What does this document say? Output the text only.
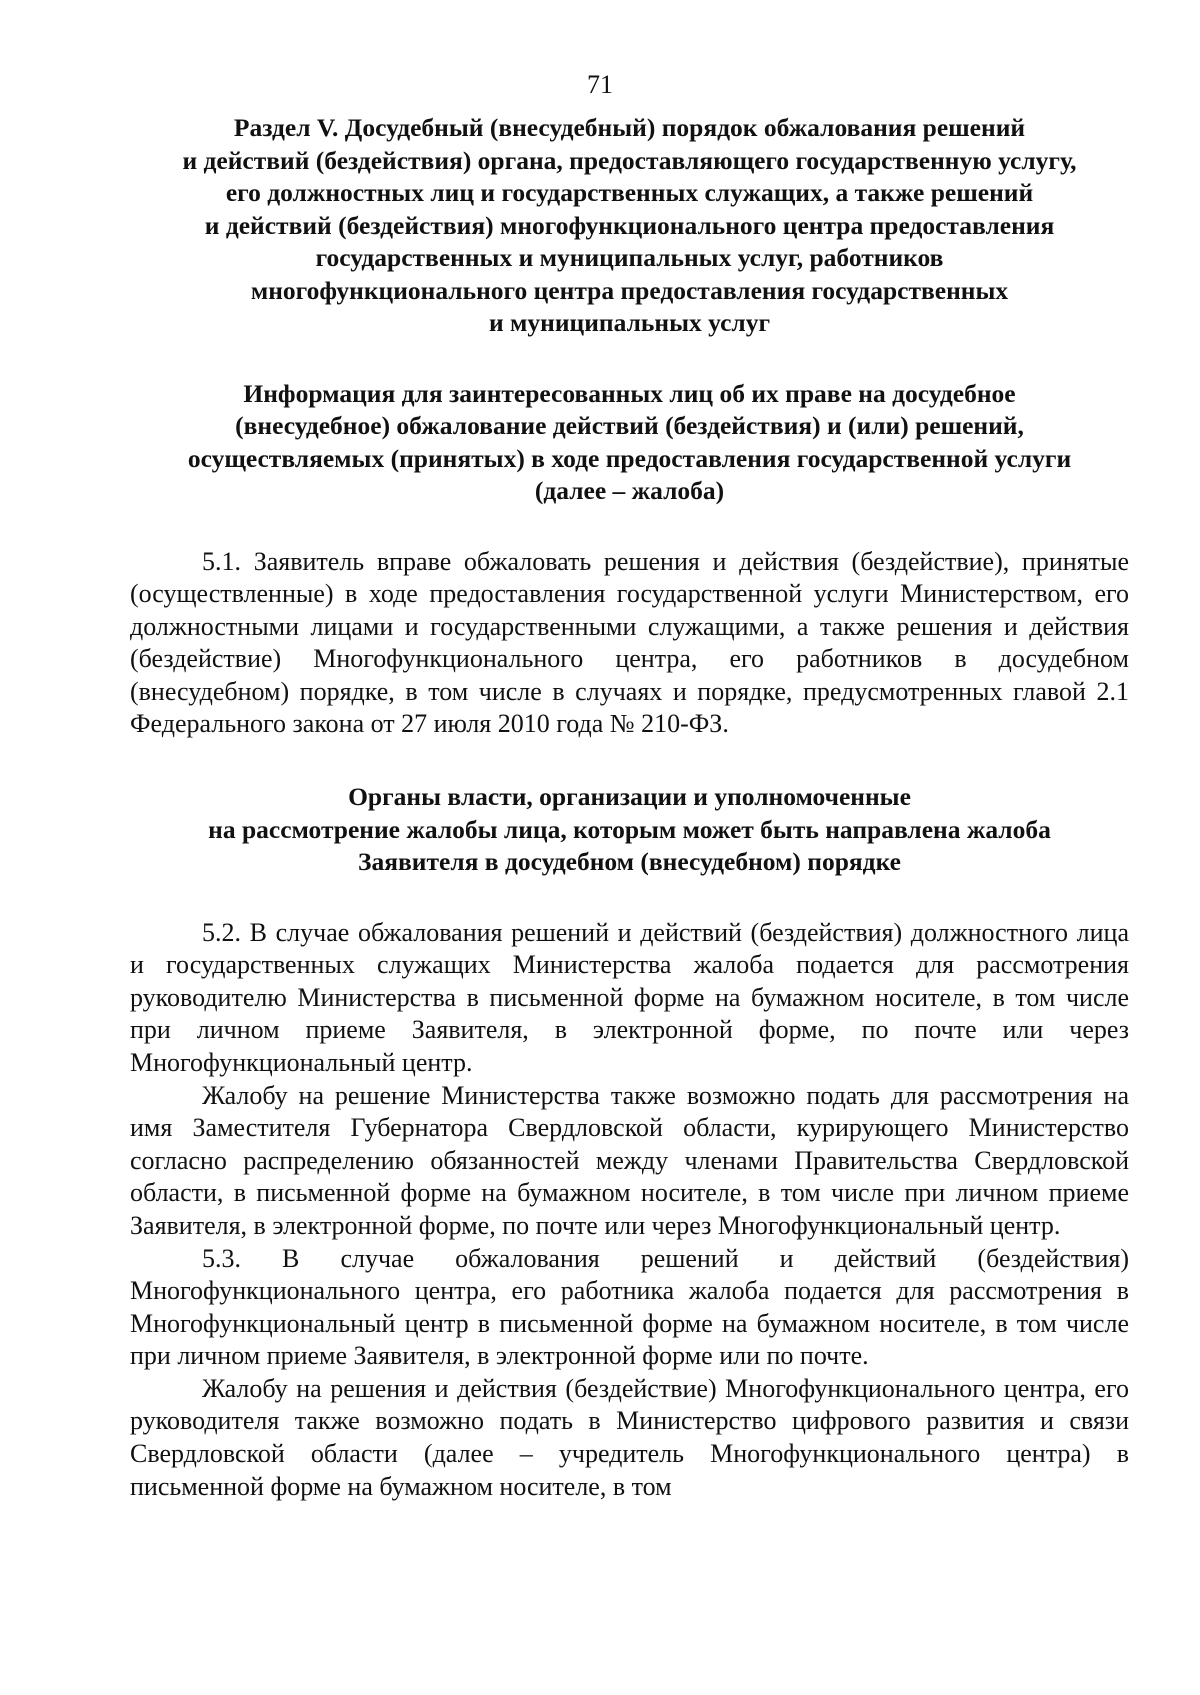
71
Раздел V. Досудебный (внесудебный) порядок обжалования решений
и действий (бездействия) органа, предоставляющего государственную услугу,
его должностных лиц и государственных служащих, а также решений
и действий (бездействия) многофункционального центра предоставления
государственных и муниципальных услуг, работников
многофункционального центра предоставления государственных
и муниципальных услуг
Информация для заинтересованных лиц об их праве на досудебное
(внесудебное) обжалование действий (бездействия) и (или) решений,
осуществляемых (принятых) в ходе предоставления государственной услуги
(далее – жалоба)

5.1. Заявитель вправе обжаловать решения и действия (бездействие), принятые (осуществленные) в ходе предоставления государственной услуги Министерством, его должностными лицами и государственными служащими, а также решения и действия (бездействие) Многофункционального центра, его работников в досудебном (внесудебном) порядке, в том числе в случаях и порядке, предусмотренных главой 2.1 Федерального закона от 27 июля 2010 года № 210-ФЗ.

Органы власти, организации и уполномоченные
на рассмотрение жалобы лица, которым может быть направлена жалоба
Заявителя в досудебном (внесудебном) порядке

5.2. В случае обжалования решений и действий (бездействия) должностного лица и государственных служащих Министерства жалоба подается для рассмотрения руководителю Министерства в письменной форме на бумажном носителе, в том числе при личном приеме Заявителя, в электронной форме, по почте или через Многофункциональный центр.

Жалобу на решение Министерства также возможно подать для рассмотрения на имя Заместителя Губернатора Свердловской области, курирующего Министерство согласно распределению обязанностей между членами Правительства Свердловской области, в письменной форме на бумажном носителе, в том числе при личном приеме Заявителя, в электронной форме, по почте или через Многофункциональный центр.

5.3. В случае обжалования решений и действий (бездействия) Многофункционального центра, его работника жалоба подается для рассмотрения в Многофункциональный центр в письменной форме на бумажном носителе, в том числе при личном приеме Заявителя, в электронной форме или по почте.

Жалобу на решения и действия (бездействие) Многофункционального центра, его руководителя также возможно подать в Министерство цифрового развития и связи Свердловской области (далее – учредитель Многофункционального центра) в письменной форме на бумажном носителе, в том
